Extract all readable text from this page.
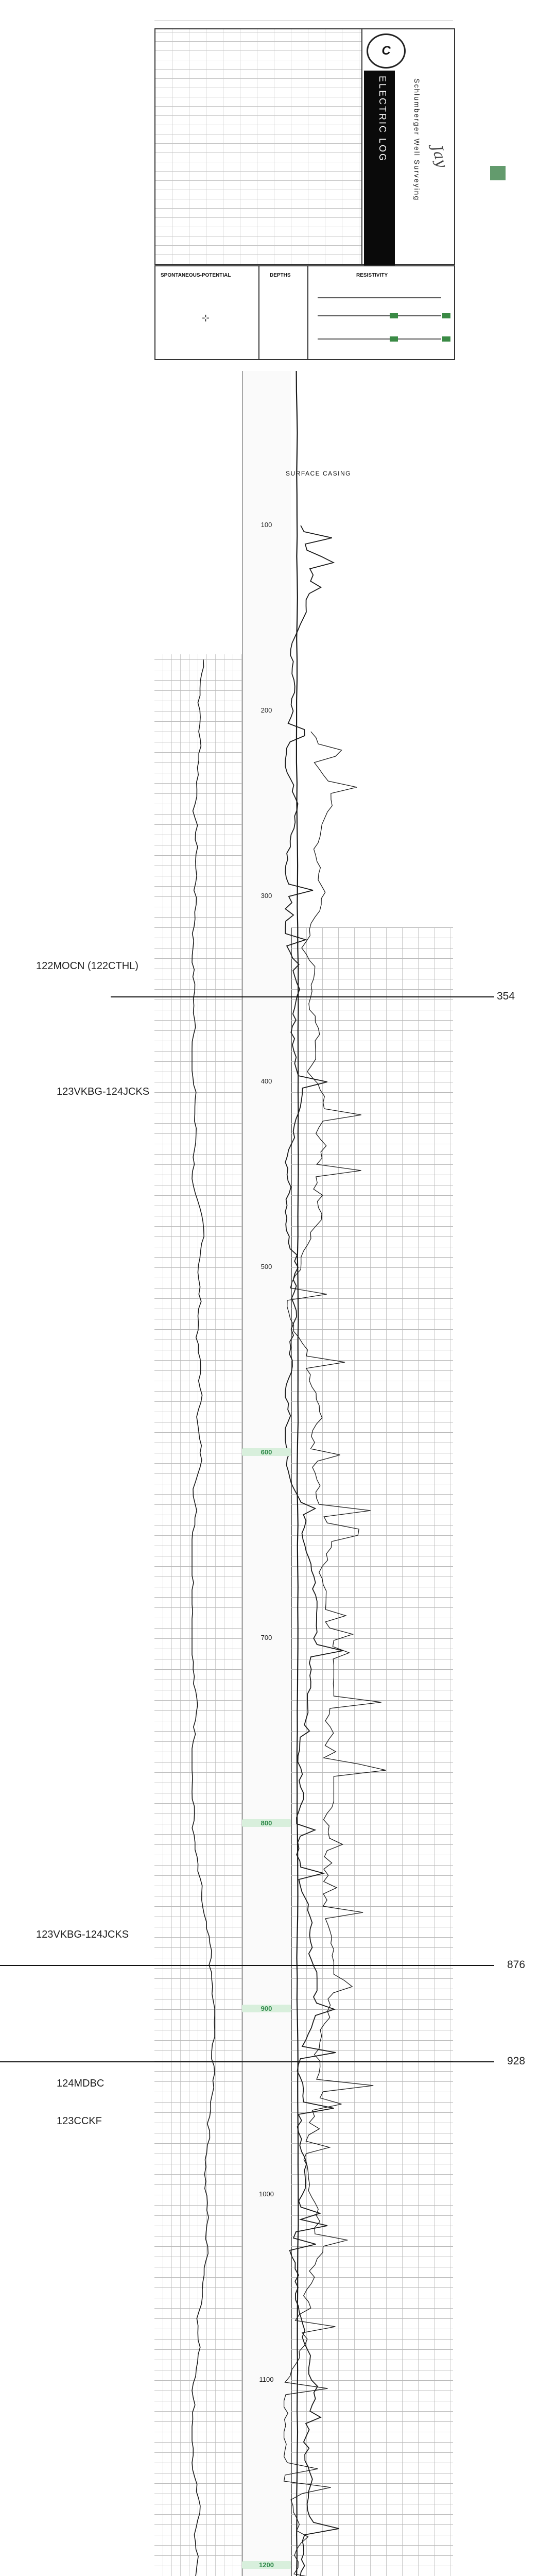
C
ELECTRIC LOG	Schlumberger Well Surveying Jay
SPONTANEOUS-POTENTIAL
⊹
DEPTHS	RESISTIVITY
SURFACE CASING
100
200
300
400
500
600
700
800
900
1000
1100
1200
122MOCN (122CTHL)
354
123VKBG-124JCKS
876
124MDBC
928
123VKBG-124JCKS
123CCKF
